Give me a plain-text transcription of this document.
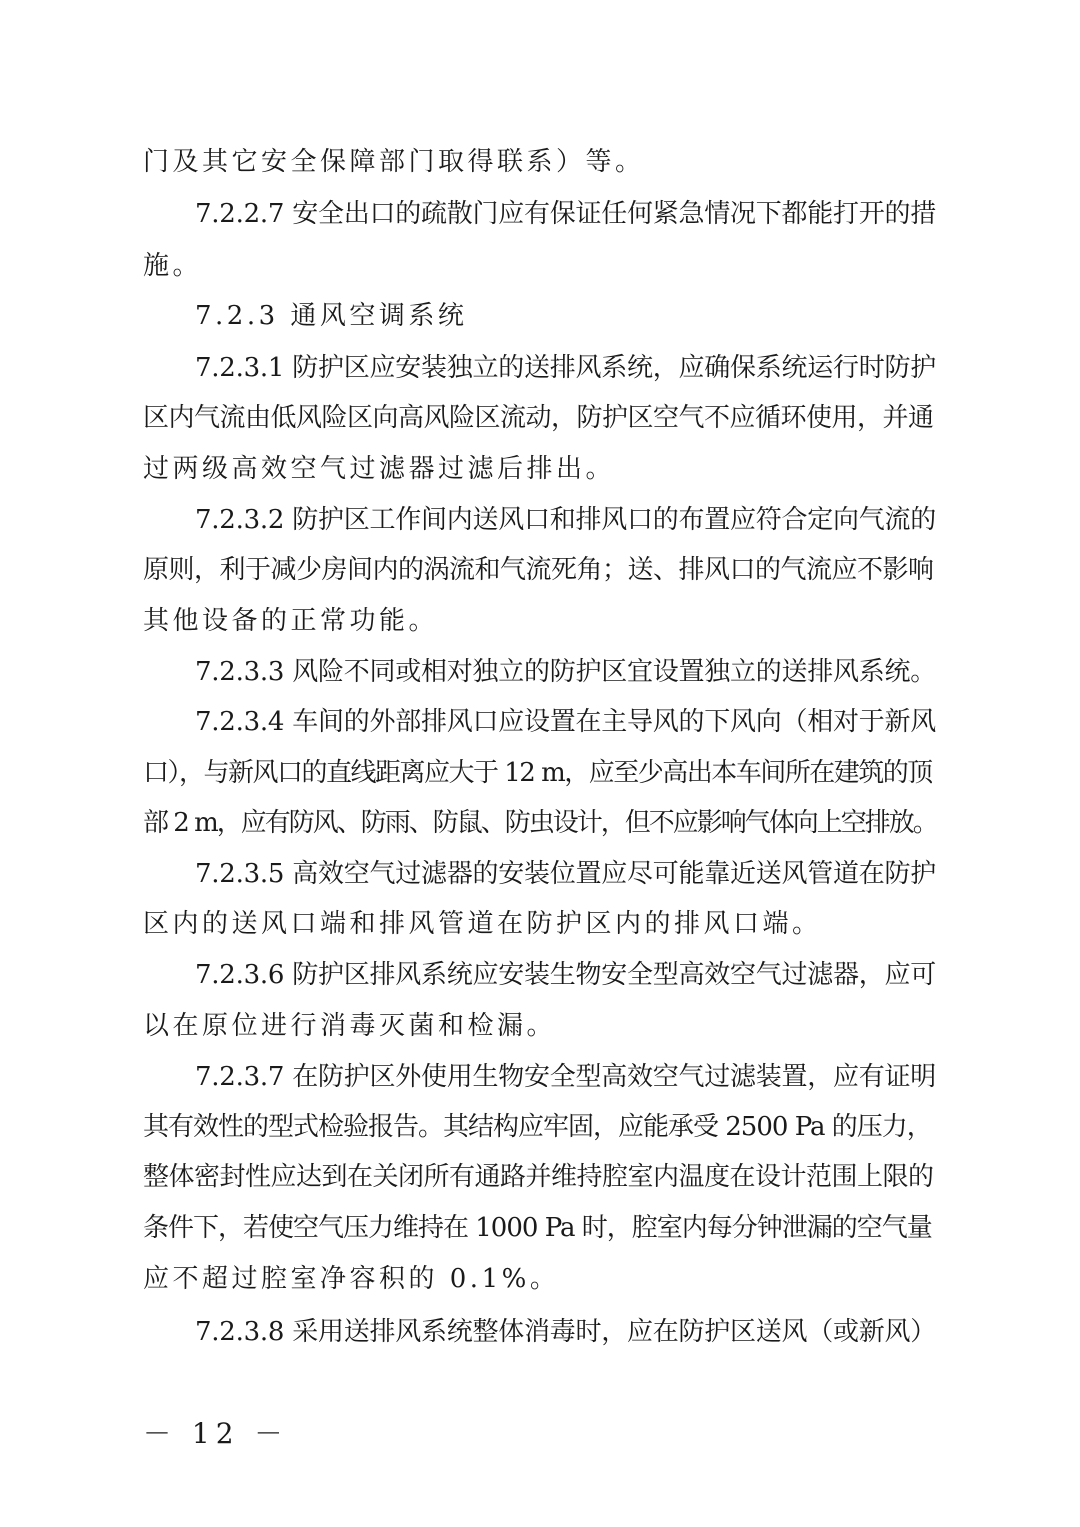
门及其它安全保障部门取得联系）等。
7.2.2.7 安全出口的疏散门应有保证任何紧急情况下都能打开的措
施。
7.2.3 通风空调系统
7.2.3.1 防护区应安装独立的送排风系统，应确保系统运行时防护
区内气流由低风险区向高风险区流动，防护区空气不应循环使用，并通
过两级高效空气过滤器过滤后排出。
7.2.3.2 防护区工作间内送风口和排风口的布置应符合定向气流的
原则，利于减少房间内的涡流和气流死角；送、排风口的气流应不影响
其他设备的正常功能。
7.2.3.3 风险不同或相对独立的防护区宜设置独立的送排风系统。
7.2.3.4 车间的外部排风口应设置在主导风的下风向（相对于新风
口），与新风口的直线距离应大于 12 m，应至少高出本车间所在建筑的顶
部 2 m，应有防风、防雨、防鼠、防虫设计，但不应影响气体向上空排放。
7.2.3.5 高效空气过滤器的安装位置应尽可能靠近送风管道在防护
区内的送风口端和排风管道在防护区内的排风口端。
7.2.3.6 防护区排风系统应安装生物安全型高效空气过滤器，应可
以在原位进行消毒灭菌和检漏。
7.2.3.7 在防护区外使用生物安全型高效空气过滤装置，应有证明
其有效性的型式检验报告。其结构应牢固，应能承受 2500 Pa 的压力，
整体密封性应达到在关闭所有通路并维持腔室内温度在设计范围上限的
条件下，若使空气压力维持在 1000 Pa 时，腔室内每分钟泄漏的空气量
应不超过腔室净容积的 0.1%。
7.2.3.8 采用送排风系统整体消毒时，应在防护区送风（或新风）
－ 12 －
